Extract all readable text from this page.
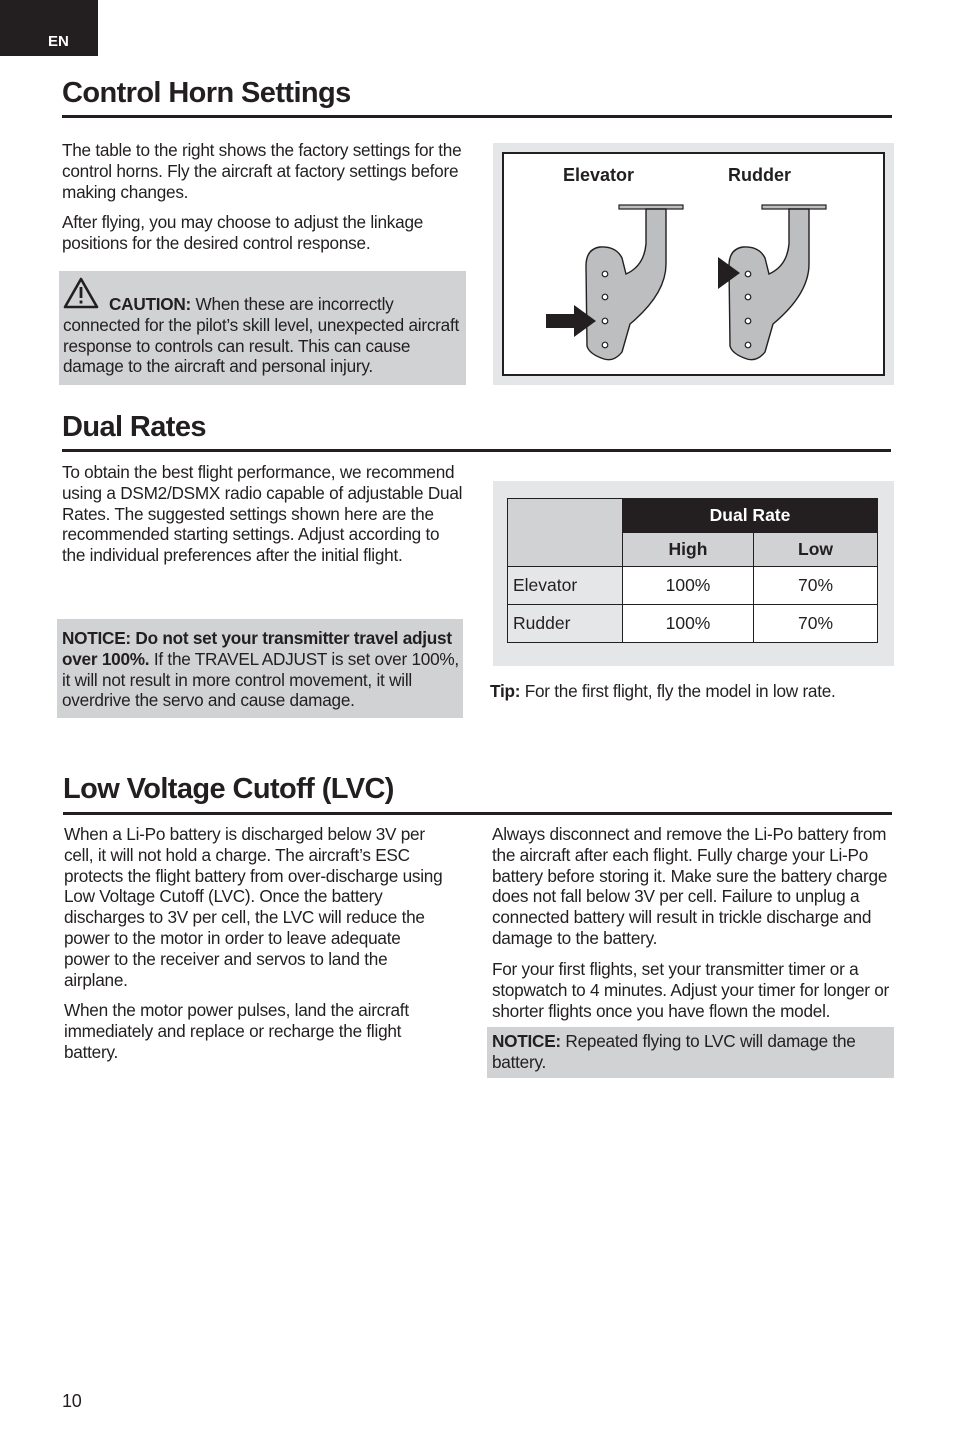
EN
Control Horn Settings

The table to the right shows the factory settings for the control horns. Fly the aircraft at factory settings before making changes.

After flying, you may choose to adjust the linkage positions for the desired control response.

CAUTION: When these are incorrectly connected for the pilot’s skill level, unexpected aircraft response to controls can result. This can cause damage to the aircraft and personal injury.

Elevator	Rudder
Dual Rates

To obtain the best flight performance, we recommend using a DSM2/DSMX radio capable of adjustable Dual Rates. The suggested settings shown here are the recommended starting settings. Adjust according to the individual preferences after the initial flight.

NOTICE: Do not set your transmitter travel adjust over 100%. If the TRAVEL ADJUST is set over 100%, it will not result in more control movement, it will overdrive the servo and cause damage.

	Dual Rate	
	High	Low
Elevator	100%	70%
Rudder	100%	70%

Tip: For the first flight, fly the model in low rate.

Low Voltage Cutoff (LVC)

When a Li-Po battery is discharged below 3V per cell, it will not hold a charge. The aircraft’s ESC protects the flight battery from over-discharge using Low Voltage Cutoff (LVC). Once the battery discharges to 3V per cell, the LVC will reduce the power to the motor in order to leave adequate power to the receiver and servos to land the airplane.

When the motor power pulses, land the aircraft immediately and replace or recharge the flight battery.

Always disconnect and remove the Li-Po battery from the aircraft after each flight. Fully charge your Li-Po battery before storing it. Make sure the battery charge does not fall below 3V per cell. Failure to unplug a connected battery will result in trickle discharge and damage to the battery.

For your first flights, set your transmitter timer or a stopwatch to 4 minutes. Adjust your timer for longer or shorter flights once you have flown the model.

NOTICE: Repeated flying to LVC will damage the battery.

10
